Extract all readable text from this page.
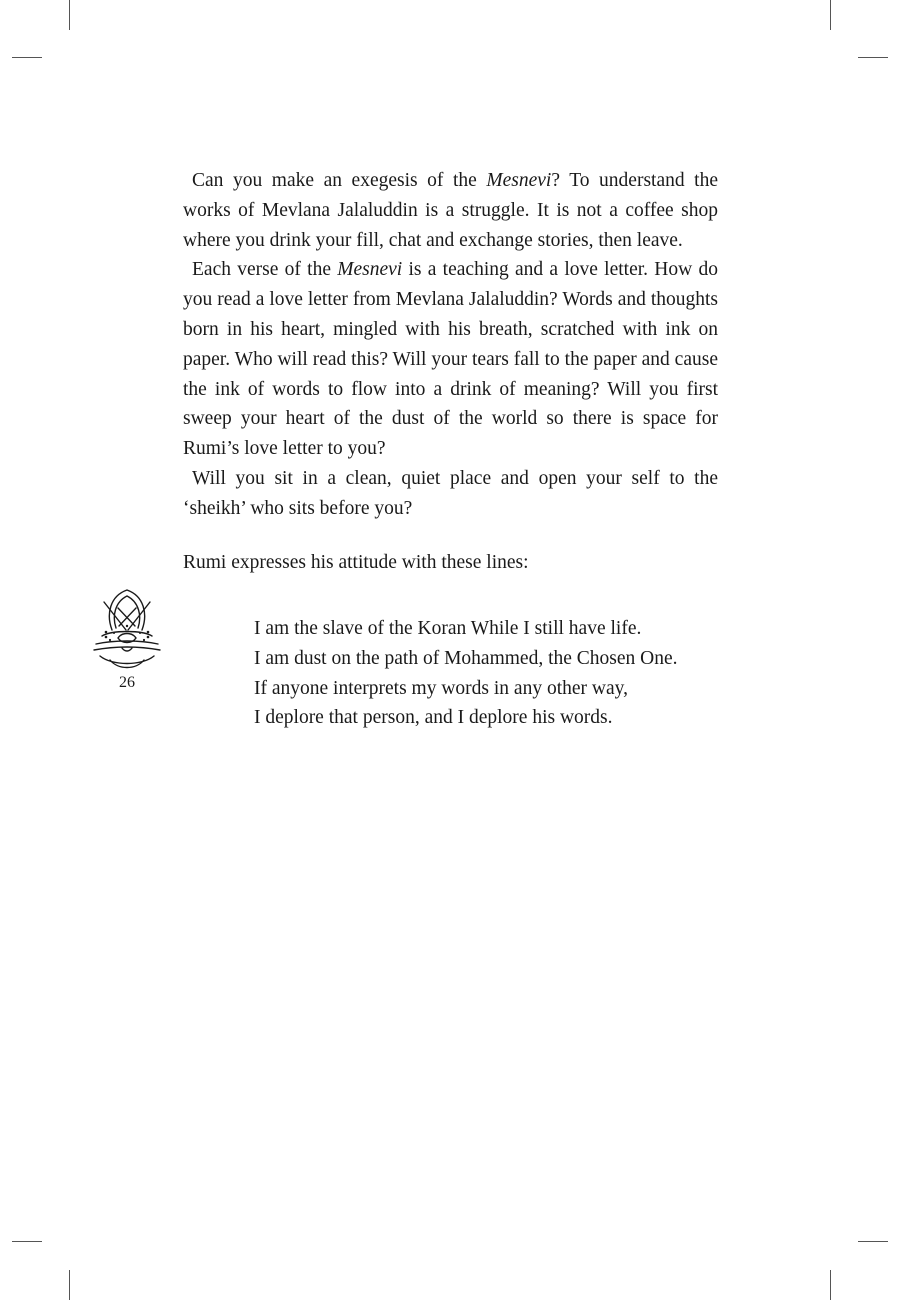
Can you make an exegesis of the Mesnevi? To understand the works of Mevlana Jalaluddin is a struggle. It is not a coffee shop where you drink your fill, chat and exchange stories, then leave.

Each verse of the Mesnevi is a teaching and a love letter. How do you read a love letter from Mevlana Jalaluddin? Words and thoughts born in his heart, mingled with his breath, scratched with ink on paper. Who will read this? Will your tears fall to the paper and cause the ink of words to flow into a drink of meaning? Will you first sweep your heart of the dust of the world so there is space for Rumi’s love letter to you?

Will you sit in a clean, quiet place and open your self to the ‘sheikh’ who sits before you?

Rumi expresses his attitude with these lines:

I am the slave of the Koran While I still have life.
I am dust on the path of Mohammed, the Chosen One.
If anyone interprets my words in any other way,
I deplore that person, and I deplore his words.
26
